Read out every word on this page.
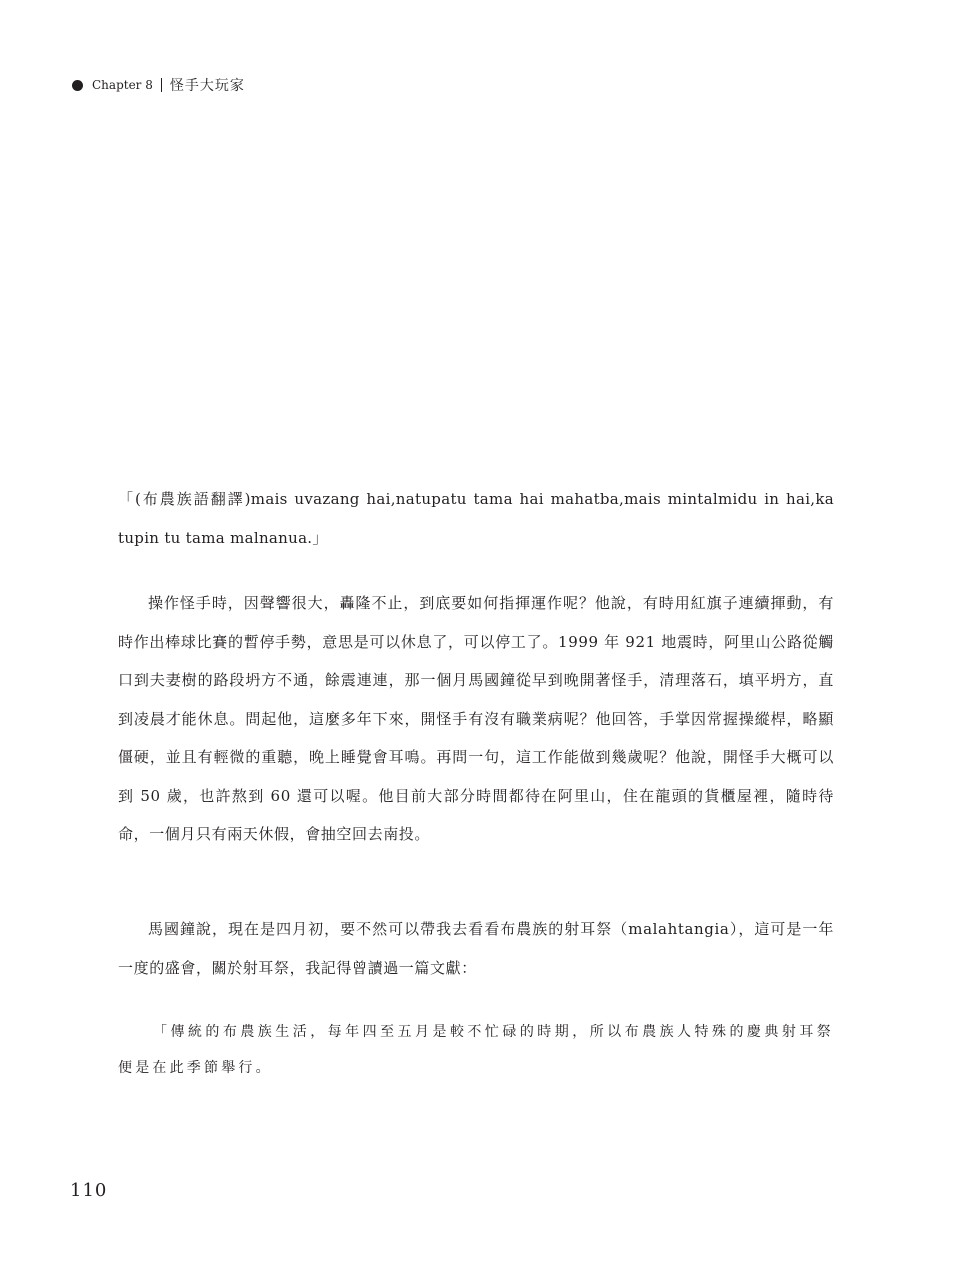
Chapter 8 怪手大玩家

「(布農族語翻譯)mais uvazang hai,natupatu tama hai mahatba,mais mintalmidu in hai,ka tupin tu tama malnanua.」

操作怪手時，因聲響很大，轟隆不止，到底要如何指揮運作呢？他說，有時用紅旗子連續揮動，有時作出棒球比賽的暫停手勢，意思是可以休息了，可以停工了。1999 年 921 地震時，阿里山公路從觸口到夫妻樹的路段坍方不通，餘震連連，那一個月馬國鐘從早到晚開著怪手，清理落石，填平坍方，直到凌晨才能休息。問起他，這麼多年下來，開怪手有沒有職業病呢？他回答，手掌因常握操縱桿，略顯僵硬，並且有輕微的重聽，晚上睡覺會耳鳴。再問一句，這工作能做到幾歲呢？他說，開怪手大概可以到 50 歲，也許熬到 60 還可以喔。他目前大部分時間都待在阿里山，住在龍頭的貨櫃屋裡，隨時待命，一個月只有兩天休假，會抽空回去南投。

馬國鐘說，現在是四月初，要不然可以帶我去看看布農族的射耳祭（malahtangia），這可是一年一度的盛會，關於射耳祭，我記得曾讀過一篇文獻：

「傳統的布農族生活，每年四至五月是較不忙碌的時期，所以布農族人特殊的慶典射耳祭便是在此季節舉行。

110
